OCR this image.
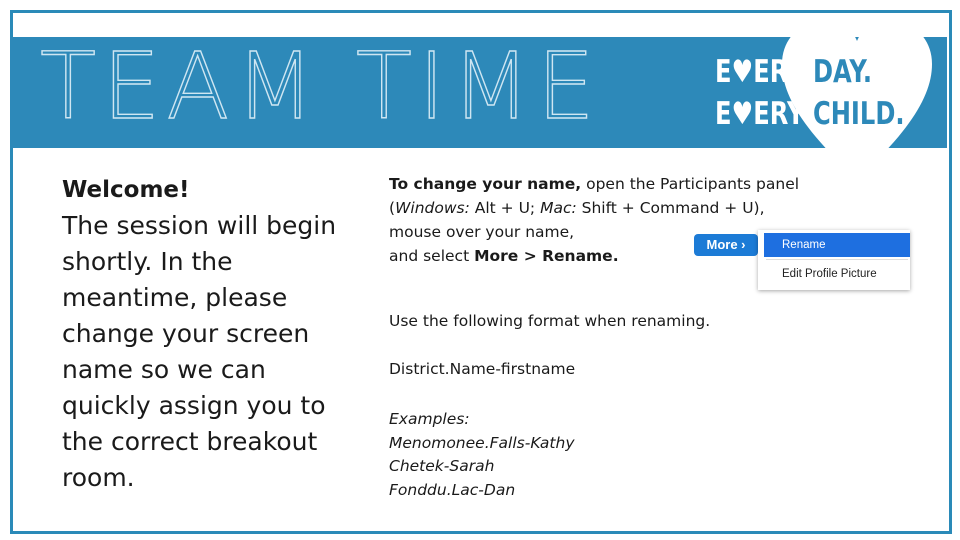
TEAM TIME	E♥ERY DAY.
E♥ERY CHILD.
Welcome!
The session will begin shortly. In the meantime, please change your screen name so we can quickly assign you to the correct breakout room.

To change your name, open the Participants panel

(Windows: Alt + U; Mac: Shift + Command + U),

mouse over your name,

and select More > Rename.

More ›	Rename
Edit Profile Picture
Use the following format when renaming.
District.Name-firstname
Examples:
Menomonee.Falls-Kathy
Chetek-Sarah
Fonddu.Lac-Dan
